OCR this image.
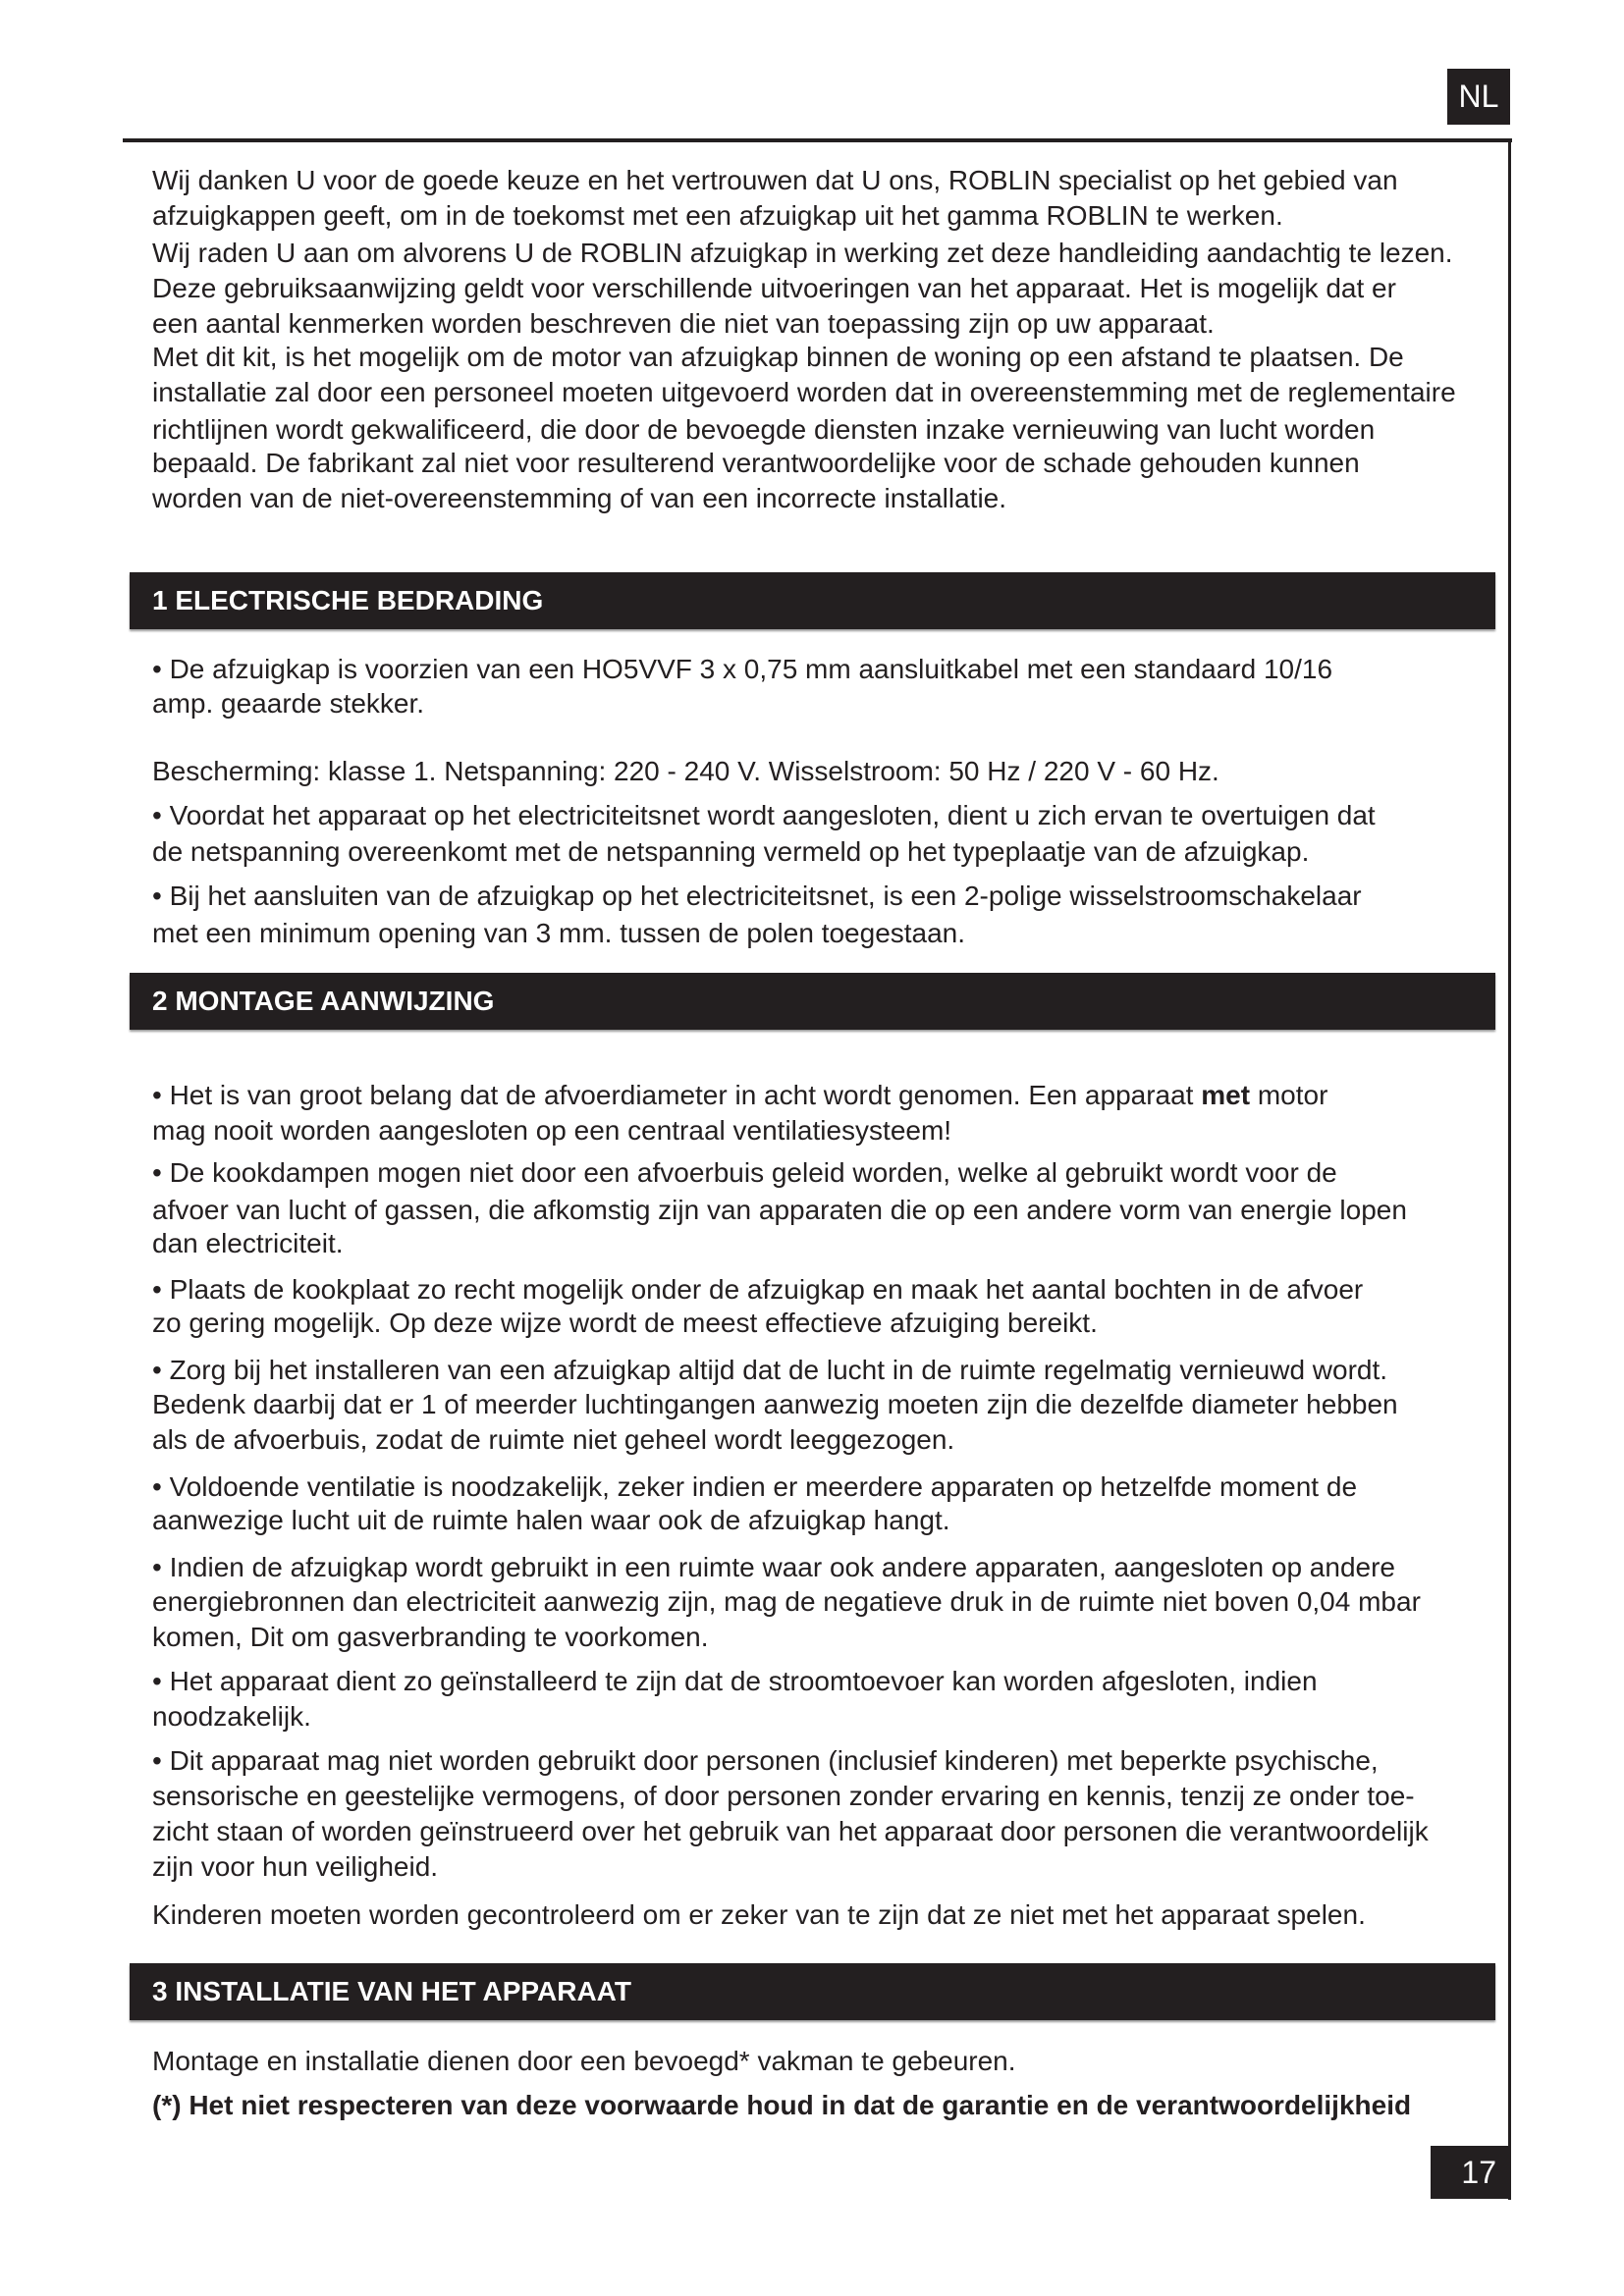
NL
Wij danken U voor de goede keuze en het vertrouwen dat U ons, ROBLIN specialist op het gebied van
afzuigkappen geeft, om in de toekomst met een afzuigkap uit het gamma ROBLIN te werken.
Wij raden U aan om alvorens U de ROBLIN afzuigkap in werking zet deze handleiding aandachtig te lezen.
Deze gebruiksaanwijzing geldt voor verschillende uitvoeringen van het apparaat. Het is mogelijk dat er
een aantal kenmerken worden beschreven die niet van toepassing zijn op uw apparaat.
Met dit kit, is het mogelijk om de motor van afzuigkap binnen de woning op een afstand te plaatsen. De
installatie zal door een personeel moeten uitgevoerd worden dat in overeenstemming met de reglementaire
richtlijnen wordt gekwalificeerd, die door de bevoegde diensten inzake vernieuwing van lucht worden
bepaald. De fabrikant zal niet voor resulterend verantwoordelijke voor de schade gehouden kunnen
worden van de niet-overeenstemming of van een incorrecte installatie.
1 ELECTRISCHE BEDRADING
• De afzuigkap is voorzien van een HO5VVF 3 x 0,75 mm aansluitkabel met een standaard 10/16
amp. geaarde stekker.
Bescherming: klasse 1. Netspanning: 220 - 240 V. Wisselstroom: 50 Hz / 220 V - 60 Hz.
• Voordat het apparaat op het electriciteitsnet wordt aangesloten, dient u zich ervan te overtuigen dat
de netspanning overeenkomt met de netspanning vermeld op het typeplaatje van de afzuigkap.
• Bij het aansluiten van de afzuigkap op het electriciteitsnet, is een 2-polige wisselstroomschakelaar
met een minimum opening van 3 mm. tussen de polen toegestaan.
2 MONTAGE AANWIJZING
• Het is van groot belang dat de afvoerdiameter in acht wordt genomen. Een apparaat met motor
mag nooit worden aangesloten op een centraal ventilatiesysteem!
• De kookdampen mogen niet door een afvoerbuis geleid worden, welke al gebruikt wordt voor de
afvoer van lucht of gassen, die afkomstig zijn van apparaten die op een andere vorm van energie lopen
dan electriciteit.
• Plaats de kookplaat zo recht mogelijk onder de afzuigkap en maak het aantal bochten in de afvoer
zo gering mogelijk. Op deze wijze wordt de meest effectieve afzuiging bereikt.
• Zorg bij het installeren van een afzuigkap altijd dat de lucht in de ruimte regelmatig vernieuwd wordt.
Bedenk daarbij dat er 1 of meerder luchtingangen aanwezig moeten zijn die dezelfde diameter hebben
als de afvoerbuis, zodat de ruimte niet geheel wordt leeggezogen.
• Voldoende ventilatie is noodzakelijk, zeker indien er meerdere apparaten op hetzelfde moment de
aanwezige lucht uit de ruimte halen waar ook de afzuigkap hangt.
• Indien de afzuigkap wordt gebruikt in een ruimte waar ook andere apparaten, aangesloten op andere
energiebronnen dan electriciteit aanwezig zijn, mag de negatieve druk in de ruimte niet boven 0,04 mbar
komen, Dit om gasverbranding te voorkomen.
• Het apparaat dient zo geïnstalleerd te zijn dat de stroomtoevoer kan worden afgesloten, indien
noodzakelijk.
• Dit apparaat mag niet worden gebruikt door personen (inclusief kinderen) met beperkte psychische,
sensorische en geestelijke vermogens, of door personen zonder ervaring en kennis, tenzij ze onder toe-
zicht staan of worden geïnstrueerd over het gebruik van het apparaat door personen die verantwoordelijk
zijn voor hun veiligheid.
Kinderen moeten worden gecontroleerd om er zeker van te zijn dat ze niet met het apparaat spelen.
3 INSTALLATIE VAN HET APPARAAT
Montage en installatie dienen door een bevoegd* vakman te gebeuren.
(*) Het niet respecteren van deze voorwaarde houd in dat de garantie en de verantwoordelijkheid
17
